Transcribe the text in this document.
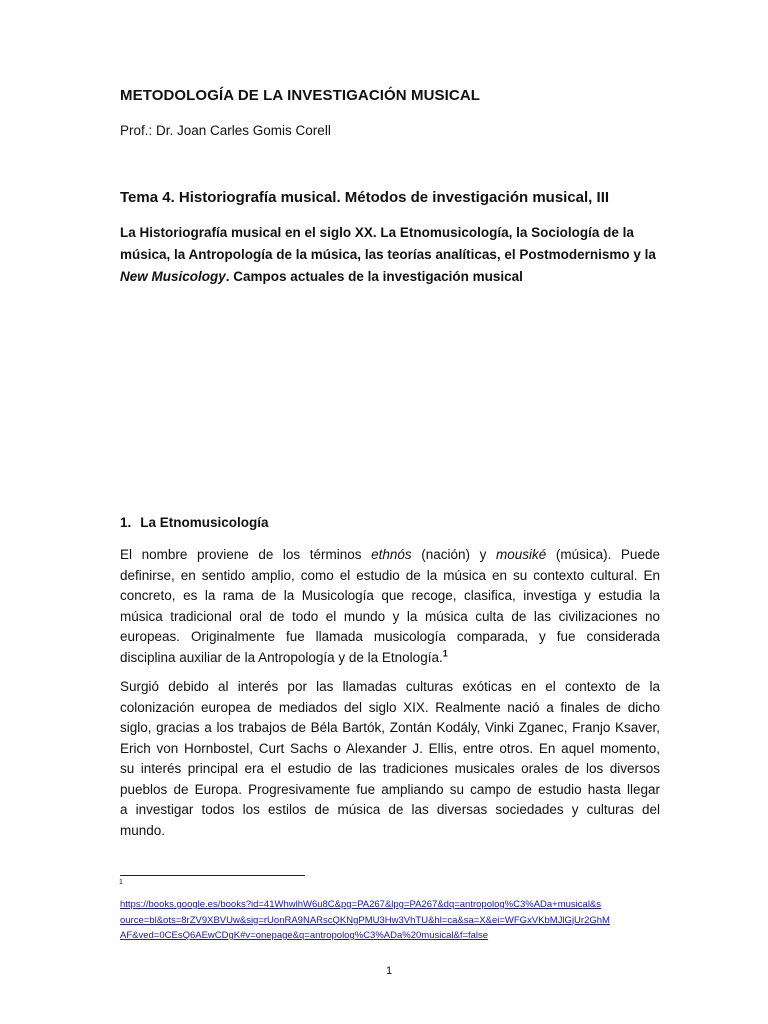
METODOLOGÍA DE LA INVESTIGACIÓN MUSICAL

Prof.: Dr. Joan Carles Gomis Corell

Tema 4. Historiografía musical. Métodos de investigación musical, III

La Historiografía musical en el siglo XX. La Etnomusicología, la Sociología de la
música, la Antropología de la música, las teorías analíticas, el Postmodernismo y la
New Musicology. Campos actuales de la investigación musical

1. La Etnomusicología
El nombre proviene de los términos ethnós (nación) y mousiké (música). Puede
definirse, en sentido amplio, como el estudio de la música en su contexto cultural. En
concreto, es la rama de la Musicología que recoge, clasifica, investiga y estudia la
música tradicional oral de todo el mundo y la música culta de las civilizaciones no
europeas. Originalmente fue llamada musicología comparada, y fue considerada
disciplina auxiliar de la Antropología y de la Etnología.$^1$
Surgió debido al interés por las llamadas culturas exóticas en el contexto de la
colonización europea de mediados del siglo XIX. Realmente nació a finales de dicho
siglo, gracias a los trabajos de Béla Bartók, Zontán Kodály, Vinki Zganec, Franjo Ksaver,
Erich von Hornbostel, Curt Sachs o Alexander J. Ellis, entre otros. En aquel momento,
su interés principal era el estudio de las tradiciones musicales orales de los diversos
pueblos de Europa. Progresivamente fue ampliando su campo de estudio hasta llegar
a investigar todos los estilos de música de las diversas sociedades y culturas del
mundo.

1

https://books.google.es/books?id=41WhwlhW6u8C&pg=PA267&lpg=PA267&dq=antropolog%C3%ADa+musical&s
ource=bl&ots=8rZV9XBVUw&sig=rUonRA9NARscQKNgPMU3Hw3VhTU&hl=ca&sa=X&ei=WFGxVKbMJlGjUr2GhM
AF&ved=0CEsQ6AEwCDgK#v=onepage&q=antropolog%C3%ADa%20musical&f=false

1
